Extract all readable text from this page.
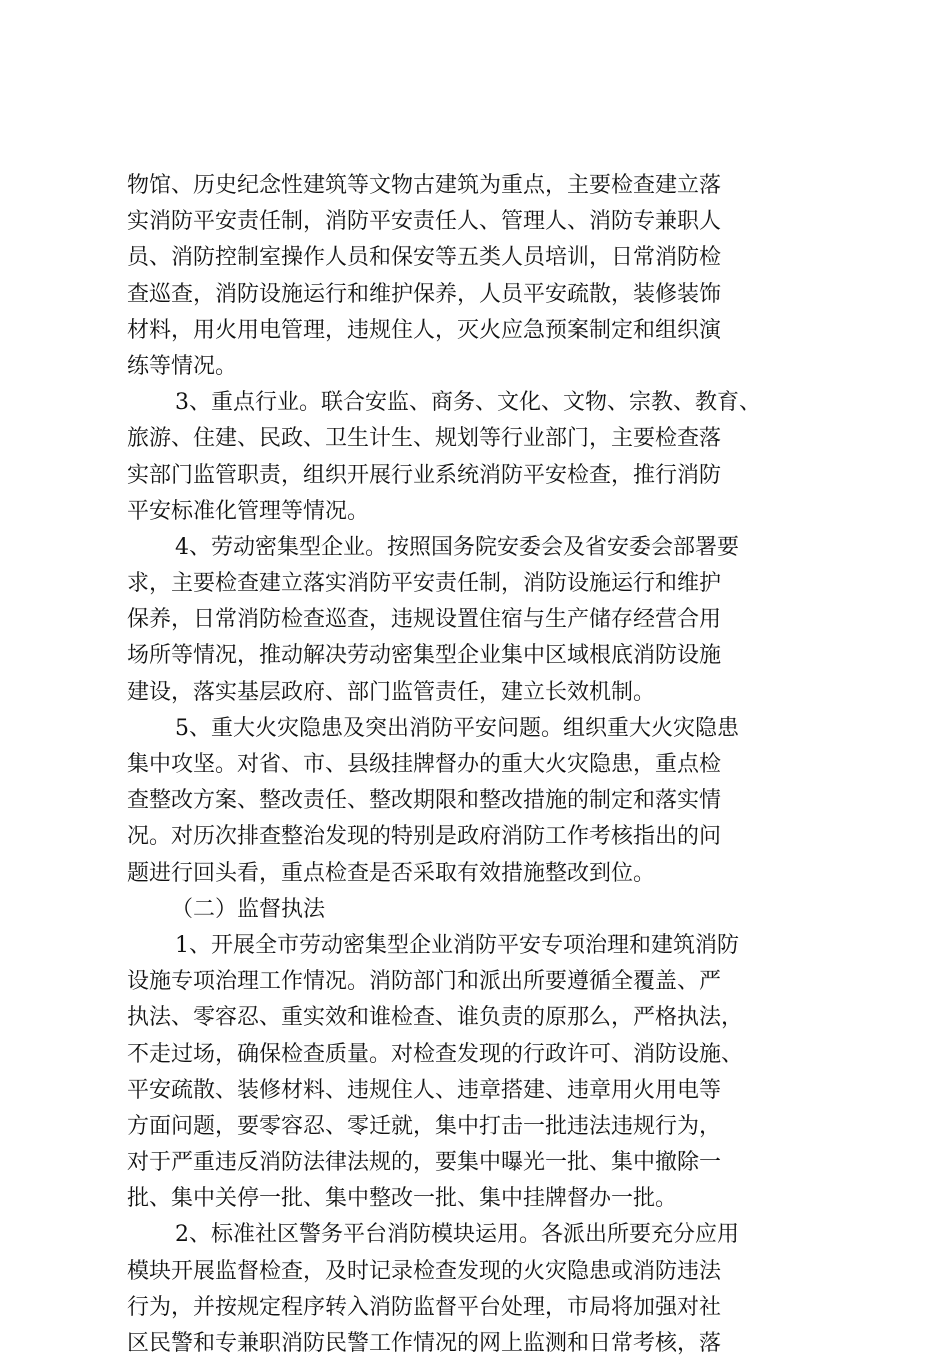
物馆、历史纪念性建筑等文物古建筑为重点，主要检查建立落
实消防平安责任制，消防平安责任人、管理人、消防专兼职人
员、消防控制室操作人员和保安等五类人员培训，日常消防检
查巡查，消防设施运行和维护保养，人员平安疏散，装修装饰
材料，用火用电管理，违规住人，灭火应急预案制定和组织演
练等情况。
3、重点行业。联合安监、商务、文化、文物、宗教、教育、
旅游、住建、民政、卫生计生、规划等行业部门，主要检查落
实部门监管职责，组织开展行业系统消防平安检查，推行消防
平安标准化管理等情况。
4、劳动密集型企业。按照国务院安委会及省安委会部署要
求，主要检查建立落实消防平安责任制，消防设施运行和维护
保养，日常消防检查巡查，违规设置住宿与生产储存经营合用
场所等情况，推动解决劳动密集型企业集中区域根底消防设施
建设，落实基层政府、部门监管责任，建立长效机制。
5、重大火灾隐患及突出消防平安问题。组织重大火灾隐患
集中攻坚。对省、市、县级挂牌督办的重大火灾隐患，重点检
查整改方案、整改责任、整改期限和整改措施的制定和落实情
况。对历次排查整治发现的特别是政府消防工作考核指出的问
题进行回头看，重点检查是否采取有效措施整改到位。
（二）监督执法
1、开展全市劳动密集型企业消防平安专项治理和建筑消防
设施专项治理工作情况。消防部门和派出所要遵循全覆盖、严
执法、零容忍、重实效和谁检查、谁负责的原那么，严格执法，
不走过场，确保检查质量。对检查发现的行政许可、消防设施、
平安疏散、装修材料、违规住人、违章搭建、违章用火用电等
方面问题，要零容忍、零迁就，集中打击一批违法违规行为，
对于严重违反消防法律法规的，要集中曝光一批、集中撤除一
批、集中关停一批、集中整改一批、集中挂牌督办一批。
2、标准社区警务平台消防模块运用。各派出所要充分应用
模块开展监督检查，及时记录检查发现的火灾隐患或消防违法
行为，并按规定程序转入消防监督平台处理，市局将加强对社
区民警和专兼职消防民警工作情况的网上监测和日常考核，落
